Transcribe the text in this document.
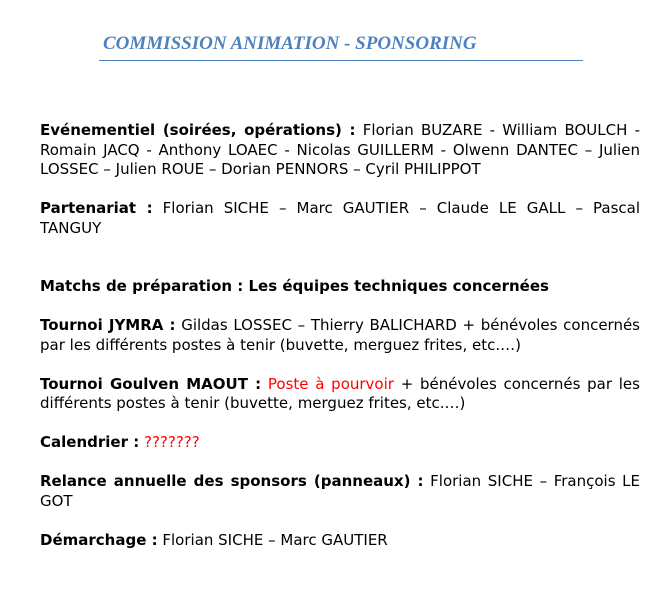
COMMISSION ANIMATION - SPONSORING

Evénementiel (soirées, opérations) : Florian BUZARE - William BOULCH - Romain JACQ - Anthony LOAEC - Nicolas GUILLERM - Olwenn DANTEC – Julien LOSSEC – Julien ROUE – Dorian PENNORS – Cyril PHILIPPOT

Partenariat : Florian SICHE – Marc GAUTIER – Claude LE GALL – Pascal TANGUY

Matchs de préparation : Les équipes techniques concernées

Tournoi JYMRA : Gildas LOSSEC – Thierry BALICHARD + bénévoles concernés par les différents postes à tenir (buvette, merguez frites, etc.…)

Tournoi Goulven MAOUT : Poste à pourvoir + bénévoles concernés par les différents postes à tenir (buvette, merguez frites, etc.…)

Calendrier : ???????

Relance annuelle des sponsors (panneaux) : Florian SICHE – François LE GOT

Démarchage : Florian SICHE – Marc GAUTIER
